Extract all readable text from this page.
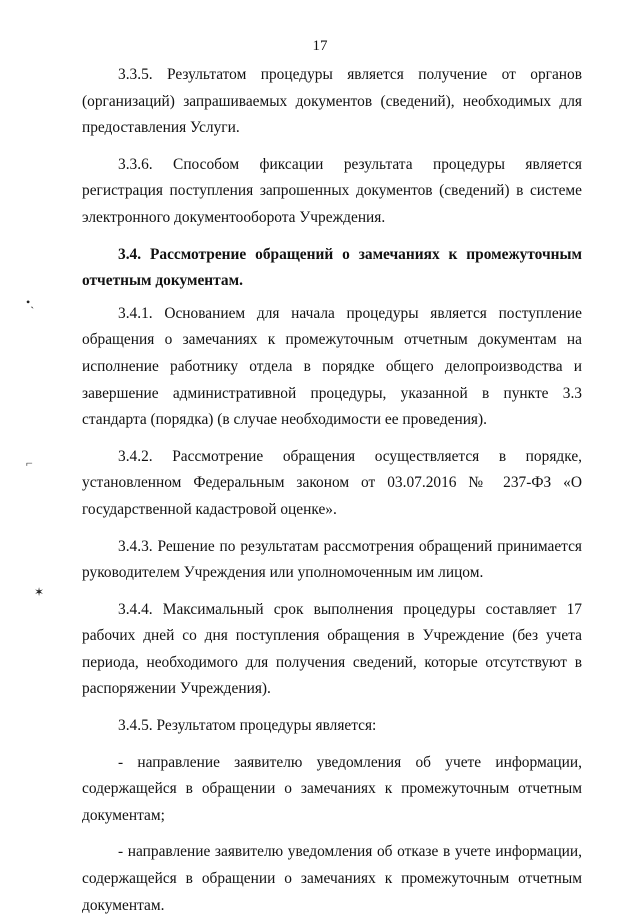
17
•ˎ
⌐
✶

3.3.5. Результатом процедуры является получение от органов (организаций) запрашиваемых документов (сведений), необходимых для предоставления Услуги.

3.3.6. Способом фиксации результата процедуры является регистрация поступления запрошенных документов (сведений) в системе электронного документооборота Учреждения.

3.4. Рассмотрение обращений о замечаниях к промежуточным отчетным документам.

3.4.1. Основанием для начала процедуры является поступление обращения о замечаниях к промежуточным отчетным документам на исполнение работнику отдела в порядке общего делопроизводства и завершение административной процедуры, указанной в пункте 3.3 стандарта (порядка) (в случае необходимости ее проведения).

3.4.2. Рассмотрение обращения осуществляется в порядке, установленном Федеральным законом от 03.07.2016 № 237-ФЗ «О государственной кадастровой оценке».

3.4.3. Решение по результатам рассмотрения обращений принимается руководителем Учреждения или уполномоченным им лицом.

3.4.4. Максимальный срок выполнения процедуры составляет 17 рабочих дней со дня поступления обращения в Учреждение (без учета периода, необходимого для получения сведений, которые отсутствуют в распоряжении Учреждения).

3.4.5. Результатом процедуры является:

- направление заявителю уведомления об учете информации, содержащейся в обращении о замечаниях к промежуточным отчетным документам;

- направление заявителю уведомления об отказе в учете информации, содержащейся в обращении о замечаниях к промежуточным отчетным документам.
